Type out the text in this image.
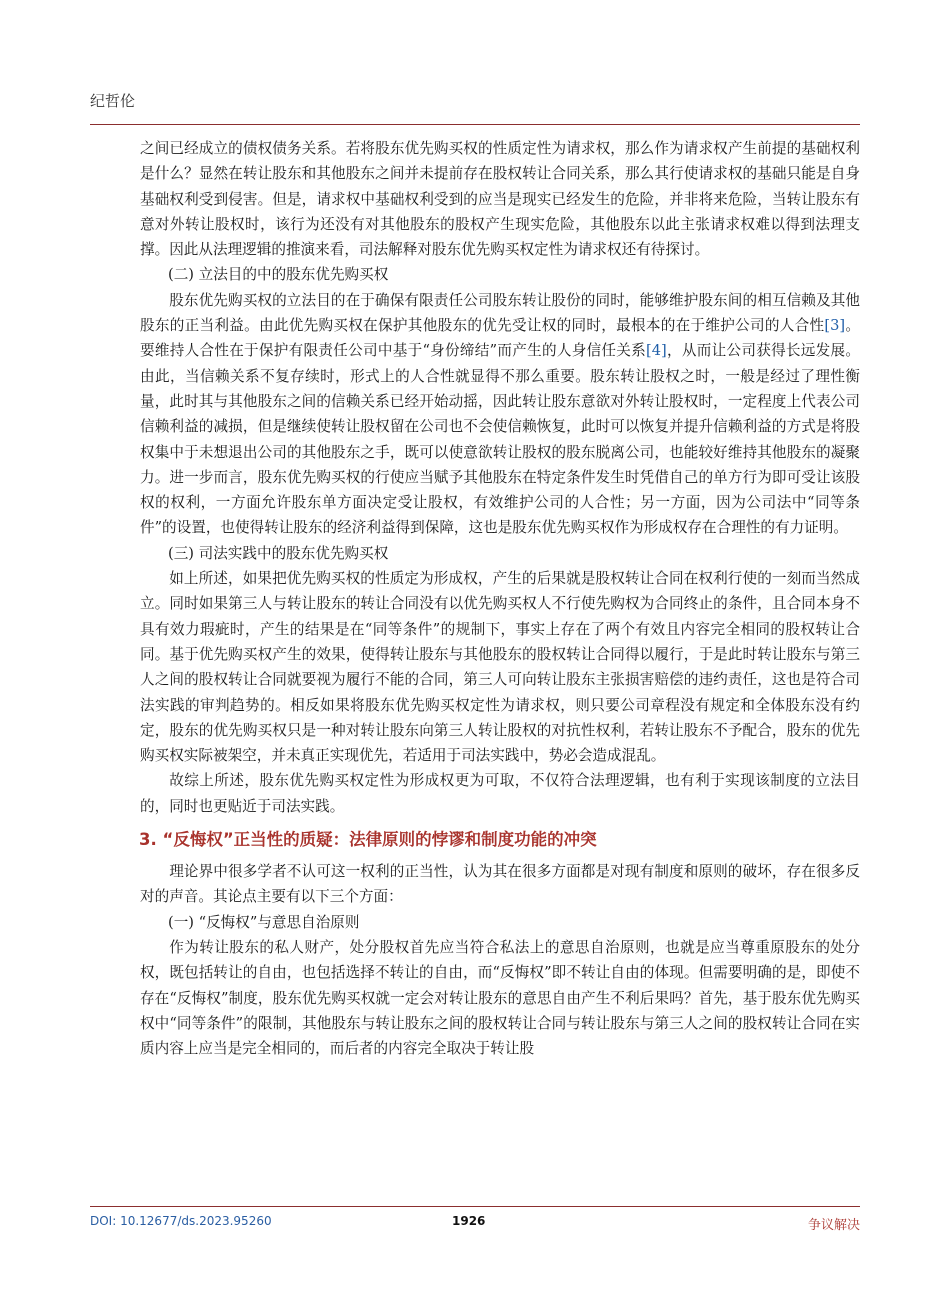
纪哲伦

之间已经成立的债权债务关系。若将股东优先购买权的性质定性为请求权，那么作为请求权产生前提的基础权利是什么？显然在转让股东和其他股东之间并未提前存在股权转让合同关系，那么其行使请求权的基础只能是自身基础权利受到侵害。但是，请求权中基础权利受到的应当是现实已经发生的危险，并非将来危险，当转让股东有意对外转让股权时，该行为还没有对其他股东的股权产生现实危险，其他股东以此主张请求权难以得到法理支撑。因此从法理逻辑的推演来看，司法解释对股东优先购买权定性为请求权还有待探讨。

(二) 立法目的中的股东优先购买权

股东优先购买权的立法目的在于确保有限责任公司股东转让股份的同时，能够维护股东间的相互信赖及其他股东的正当利益。由此优先购买权在保护其他股东的优先受让权的同时，最根本的在于维护公司的人合性[3]。要维持人合性在于保护有限责任公司中基于“身份缔结”而产生的人身信任关系[4]，从而让公司获得长远发展。由此，当信赖关系不复存续时，形式上的人合性就显得不那么重要。股东转让股权之时，一般是经过了理性衡量，此时其与其他股东之间的信赖关系已经开始动摇，因此转让股东意欲对外转让股权时，一定程度上代表公司信赖利益的减损，但是继续使转让股权留在公司也不会使信赖恢复，此时可以恢复并提升信赖利益的方式是将股权集中于未想退出公司的其他股东之手，既可以使意欲转让股权的股东脱离公司，也能较好维持其他股东的凝聚力。进一步而言，股东优先购买权的行使应当赋予其他股东在特定条件发生时凭借自己的单方行为即可受让该股权的权利，一方面允许股东单方面决定受让股权，有效维护公司的人合性；另一方面，因为公司法中“同等条件”的设置，也使得转让股东的经济利益得到保障，这也是股东优先购买权作为形成权存在合理性的有力证明。

(三) 司法实践中的股东优先购买权

如上所述，如果把优先购买权的性质定为形成权，产生的后果就是股权转让合同在权利行使的一刻而当然成立。同时如果第三人与转让股东的转让合同没有以优先购买权人不行使先购权为合同终止的条件，且合同本身不具有效力瑕疵时，产生的结果是在“同等条件”的规制下，事实上存在了两个有效且内容完全相同的股权转让合同。基于优先购买权产生的效果，使得转让股东与其他股东的股权转让合同得以履行，于是此时转让股东与第三人之间的股权转让合同就要视为履行不能的合同，第三人可向转让股东主张损害赔偿的违约责任，这也是符合司法实践的审判趋势的。相反如果将股东优先购买权定性为请求权，则只要公司章程没有规定和全体股东没有约定，股东的优先购买权只是一种对转让股东向第三人转让股权的对抗性权利，若转让股东不予配合，股东的优先购买权实际被架空，并未真正实现优先，若适用于司法实践中，势必会造成混乱。

故综上所述，股东优先购买权定性为形成权更为可取，不仅符合法理逻辑，也有利于实现该制度的立法目的，同时也更贴近于司法实践。

3. “反悔权”正当性的质疑：法律原则的悖谬和制度功能的冲突

理论界中很多学者不认可这一权利的正当性，认为其在很多方面都是对现有制度和原则的破坏，存在很多反对的声音。其论点主要有以下三个方面：

(一) “反悔权”与意思自治原则

作为转让股东的私人财产，处分股权首先应当符合私法上的意思自治原则，也就是应当尊重原股东的处分权，既包括转让的自由，也包括选择不转让的自由，而“反悔权”即不转让自由的体现。但需要明确的是，即使不存在“反悔权”制度，股东优先购买权就一定会对转让股东的意思自由产生不利后果吗？首先，基于股东优先购买权中“同等条件”的限制，其他股东与转让股东之间的股权转让合同与转让股东与第三人之间的股权转让合同在实质内容上应当是完全相同的，而后者的内容完全取决于转让股

DOI: 10.12677/ds.2023.95260	1926	争议解决
